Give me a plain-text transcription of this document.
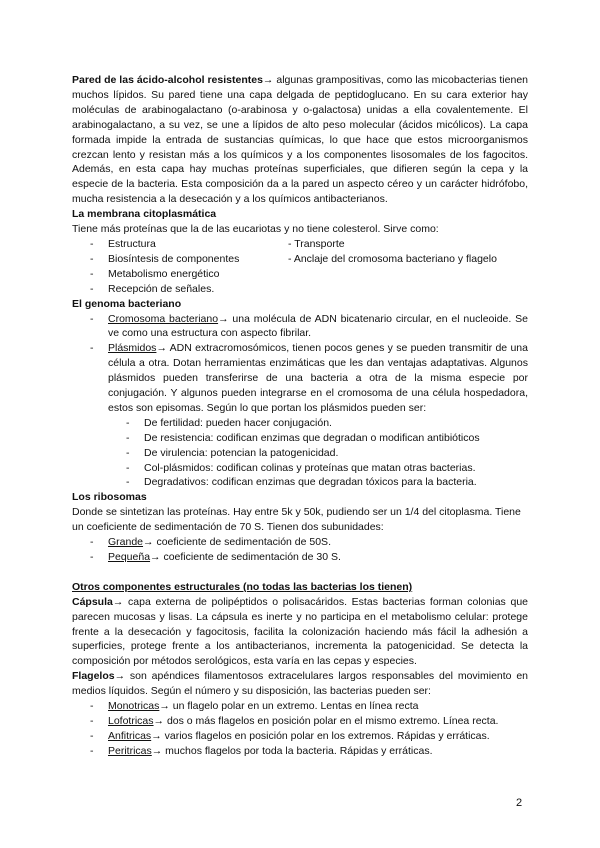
Pared de las ácido-alcohol resistentes→ algunas grampositivas, como las micobacterias tienen muchos lípidos. Su pared tiene una capa delgada de peptidoglucano. En su cara exterior hay moléculas de arabinogalactano (o-arabinosa y o-galactosa) unidas a ella covalentemente. El arabinogalactano, a su vez, se une a lípidos de alto peso molecular (ácidos micólicos). La capa formada impide la entrada de sustancias químicas, lo que hace que estos microorganismos crezcan lento y resistan más a los químicos y a los componentes lisosomales de los fagocitos. Además, en esta capa hay muchas proteínas superficiales, que difieren según la cepa y la especie de la bacteria. Esta composición da a la pared un aspecto céreo y un carácter hidrófobo, mucha resistencia a la desecación y a los químicos antibacterianos.

La membrana citoplasmática

Tiene más proteínas que la de las eucariotas y no tiene colesterol. Sirve como:

-	Estructura	- Transporte
-	Biosíntesis de componentes	- Anclaje del cromosoma bacteriano y flagelo
-	Metabolismo energético
-	Recepción de señales.

El genoma bacteriano

-	Cromosoma bacteriano→ una molécula de ADN bicatenario circular, en el nucleoide. Se ve como una estructura con aspecto fibrilar.

-	Plásmidos→ ADN extracromosómicos, tienen pocos genes y se pueden transmitir de una célula a otra. Dotan herramientas enzimáticas que les dan ventajas adaptativas. Algunos plásmidos pueden transferirse de una bacteria a otra de la misma especie por conjugación. Y algunos pueden integrarse en el cromosoma de una célula hospedadora, estos son episomas. Según lo que portan los plásmidos pueden ser:

-	De fertilidad: pueden hacer conjugación.
-	De resistencia: codifican enzimas que degradan o modifican antibióticos
-	De virulencia: potencian la patogenicidad.
-	Col-plásmidos: codifican colinas y proteínas que matan otras bacterias.
-	Degradativos: codifican enzimas que degradan tóxicos para la bacteria.

Los ribosomas

Donde se sintetizan las proteínas. Hay entre 5k y 50k, pudiendo ser un 1/4 del citoplasma. Tiene un coeficiente de sedimentación de 70 S. Tienen dos subunidades:

-	Grande→ coeficiente de sedimentación de 50S.
-	Pequeña→ coeficiente de sedimentación de 30 S.

Otros componentes estructurales (no todas las bacterias los tienen)

Cápsula→ capa externa de polipéptidos o polisacáridos. Estas bacterias forman colonias que parecen mucosas y lisas. La cápsula es inerte y no participa en el metabolismo celular: protege frente a la desecación y fagocitosis, facilita la colonización haciendo más fácil la adhesión a superficies, protege frente a los antibacterianos, incrementa la patogenicidad. Se detecta la composición por métodos serológicos, esta varía en las cepas y especies.

Flagelos→ son apéndices filamentosos extracelulares largos responsables del movimiento en medios líquidos. Según el número y su disposición, las bacterias pueden ser:

-	Monotricas→ un flagelo polar en un extremo. Lentas en línea recta
-	Lofotricas→ dos o más flagelos en posición polar en el mismo extremo. Línea recta.
-	Anfitricas→ varios flagelos en posición polar en los extremos. Rápidas y erráticas.
-	Peritricas→ muchos flagelos por toda la bacteria. Rápidas y erráticas.
2
